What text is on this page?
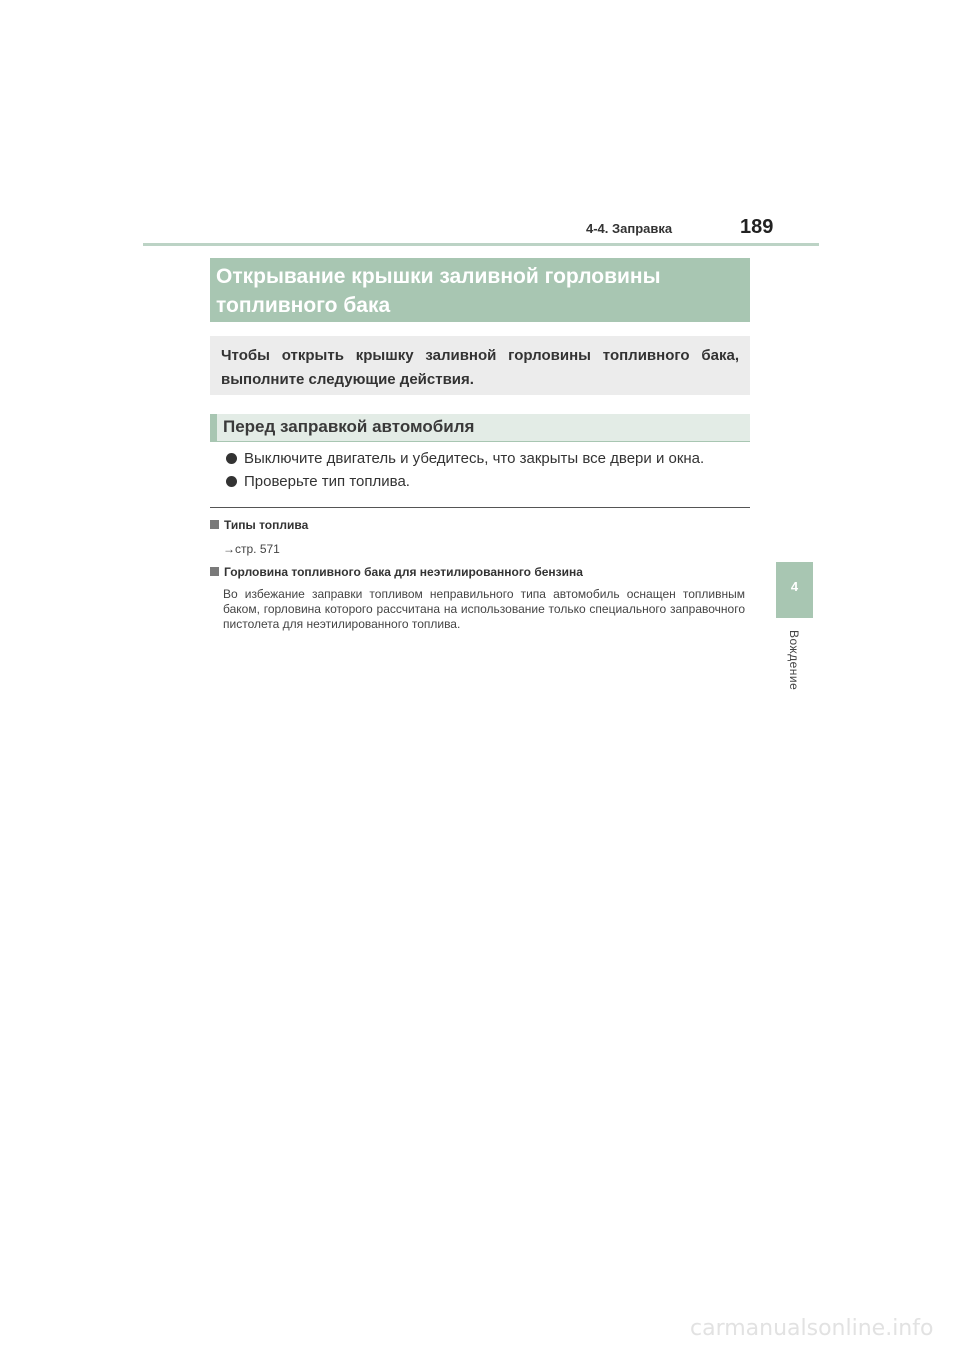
4-4. Заправка	189
Открывание крышки заливной горловины
топливного бака
Чтобы открыть крышку заливной горловины топливного бака, выполните следующие действия.
Перед заправкой автомобиля
Выключите двигатель и убедитесь, что закрыты все двери и окна.
Проверьте тип топлива.
Типы топлива
→стр. 571
Горловина топливного бака для неэтилированного бензина
Во избежание заправки топливом неправильного типа автомобиль оснащен топливным баком, горловина которого рассчитана на использование только специального заправочного пистолета для неэтилированного топлива.
4
Вождение
carmanualsonline.info
